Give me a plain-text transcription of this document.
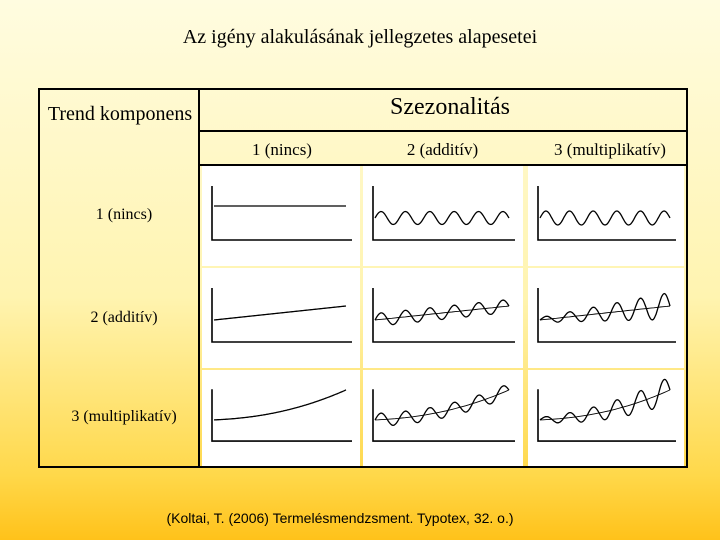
Az igény alakulásának jellegzetes alapesetei
Trend komponens	Szezonalitás
1 (nincs)	2 (additív)	3 (multiplikatív)
1 (nincs)
2 (additív)
3 (multiplikatív)
(Koltai, T. (2006) Termelésmendzsment. Typotex, 32. o.)
